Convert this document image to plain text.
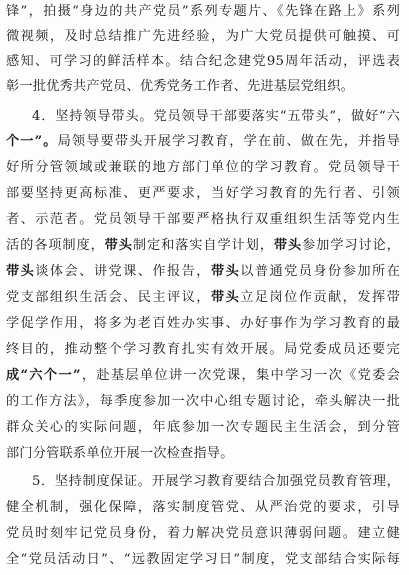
锋”，拍摄“身边的共产党员”系列专题片、《先锋在路上》系列
微视频，及时总结推广先进经验，为广大党员提供可触摸、可
感知、可学习的鲜活样本。结合纪念建党95周年活动，评选表
彰一批优秀共产党员、优秀党务工作者、先进基层党组织。
4．坚持领导带头。党员领导干部要落实“五带头”，做好“六
个一”。局领导要带头开展学习教育，学在前、做在先，并指导
好所分管领域或兼联的地方部门单位的学习教育。党员领导干
部要坚持更高标准、更严要求，当好学习教育的先行者、引领
者、示范者。党员领导干部要严格执行双重组织生活等党内生
活的各项制度，带头制定和落实自学计划，带头参加学习讨论，
带头谈体会、讲党课、作报告，带头以普通党员身份参加所在
党支部组织生活会、民主评议，带头立足岗位作贡献，发挥带
学促学作用，将多为老百姓办实事、办好事作为学习教育的最
终目的，推动整个学习教育扎实有效开展。局党委成员还要完
成“六个一”，赴基层单位讲一次党课，集中学习一次《党委会
的工作方法》，每季度参加一次中心组专题讨论，牵头解决一批
群众关心的实际问题，年底参加一次专题民主生活会，到分管
部门分管联系单位开展一次检查指导。
5．坚持制度保证。开展学习教育要结合加强党员教育管理，
健全机制，强化保障，落实制度管党、从严治党的要求，引导
党员时刻牢记党员身份，着力解决党员意识薄弱问题。建立健
全“党员活动日”、“远教固定学习日”制度，党支部结合实际每
